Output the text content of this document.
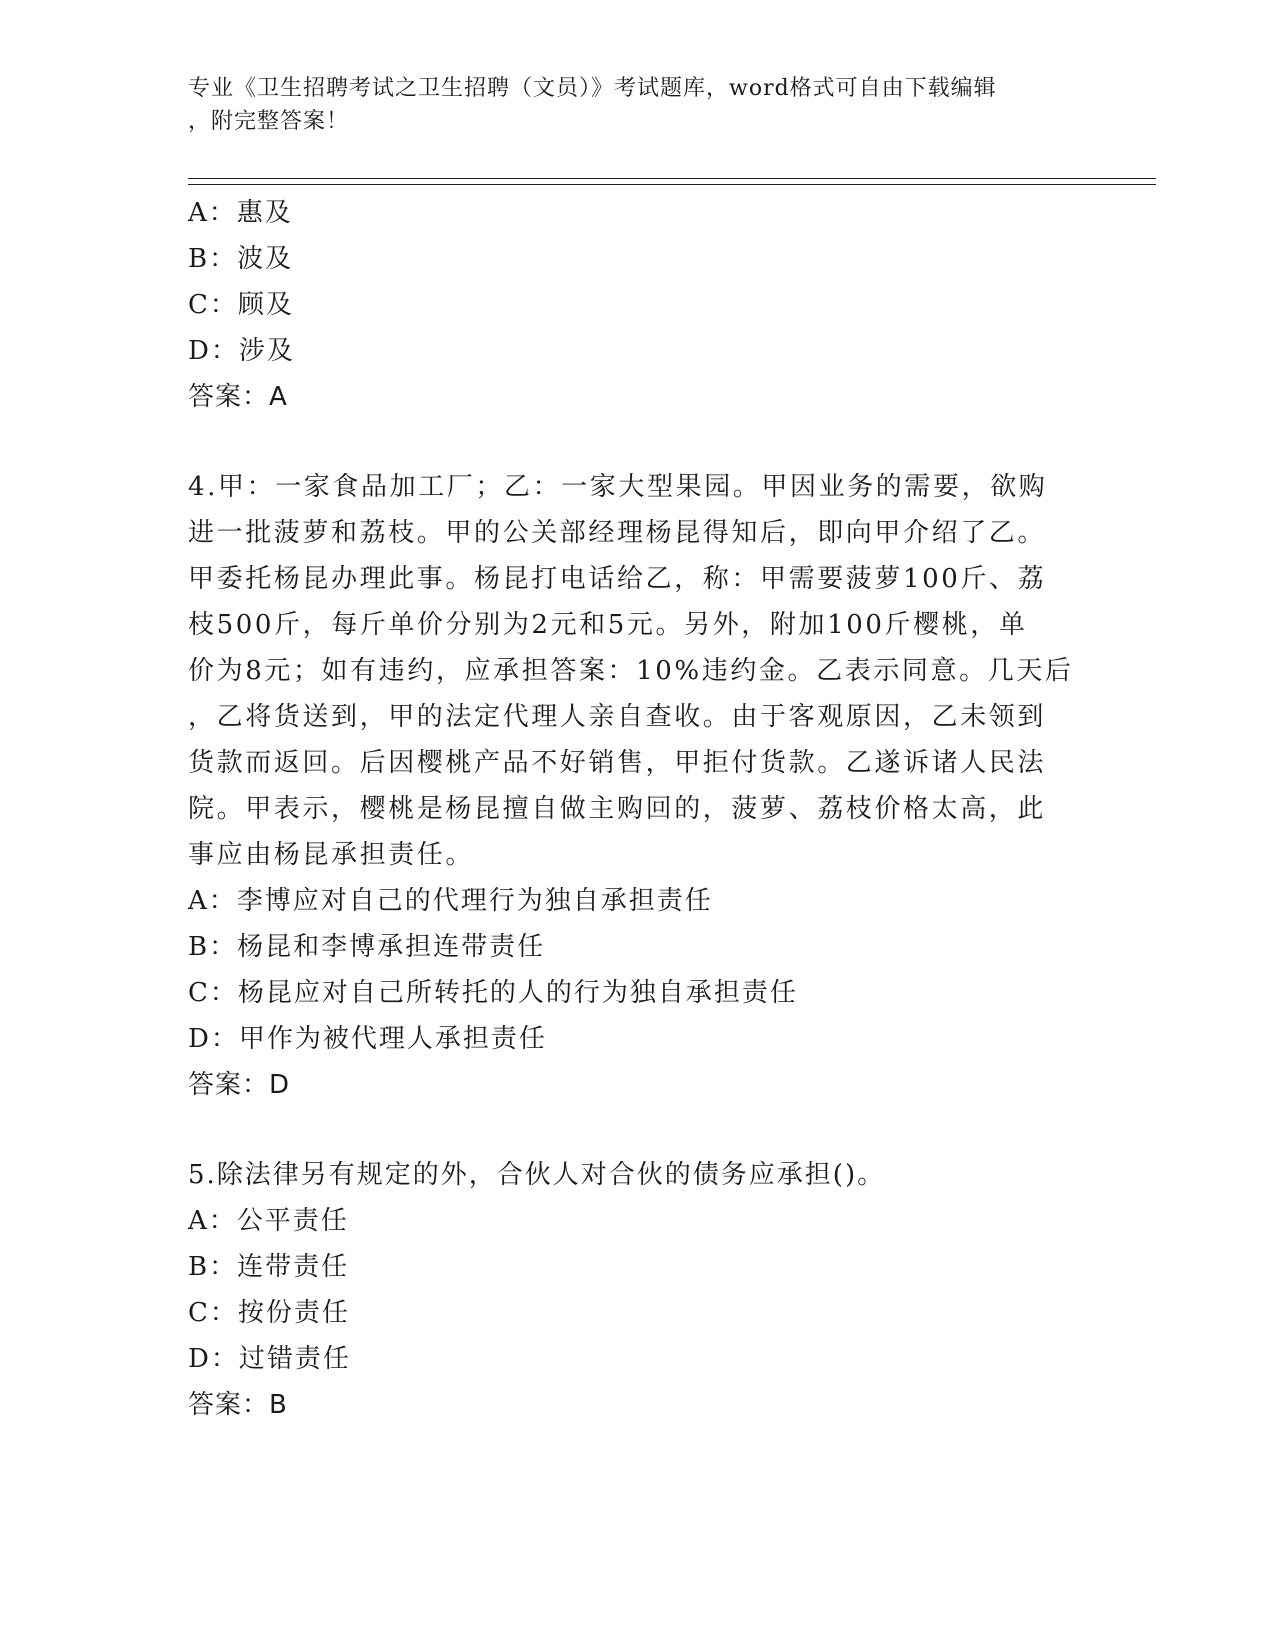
专业《卫生招聘考试之卫生招聘（文员）》考试题库，word格式可自由下载编辑
，附完整答案！
A：惠及
B：波及
C：顾及
D：涉及
答案：A
4.甲：一家食品加工厂；乙：一家大型果园。甲因业务的需要，欲购
进一批菠萝和荔枝。甲的公关部经理杨昆得知后，即向甲介绍了乙。
甲委托杨昆办理此事。杨昆打电话给乙，称：甲需要菠萝100斤、荔
枝500斤，每斤单价分别为2元和5元。另外，附加100斤樱桃，单
价为8元；如有违约，应承担答案：10%违约金。乙表示同意。几天后
，乙将货送到，甲的法定代理人亲自查收。由于客观原因，乙未领到
货款而返回。后因樱桃产品不好销售，甲拒付货款。乙遂诉诸人民法
院。甲表示，樱桃是杨昆擅自做主购回的，菠萝、荔枝价格太高，此
事应由杨昆承担责任。
A：李博应对自己的代理行为独自承担责任
B：杨昆和李博承担连带责任
C：杨昆应对自己所转托的人的行为独自承担责任
D：甲作为被代理人承担责任
答案：D
5.除法律另有规定的外，合伙人对合伙的债务应承担()。
A：公平责任
B：连带责任
C：按份责任
D：过错责任
答案：B
